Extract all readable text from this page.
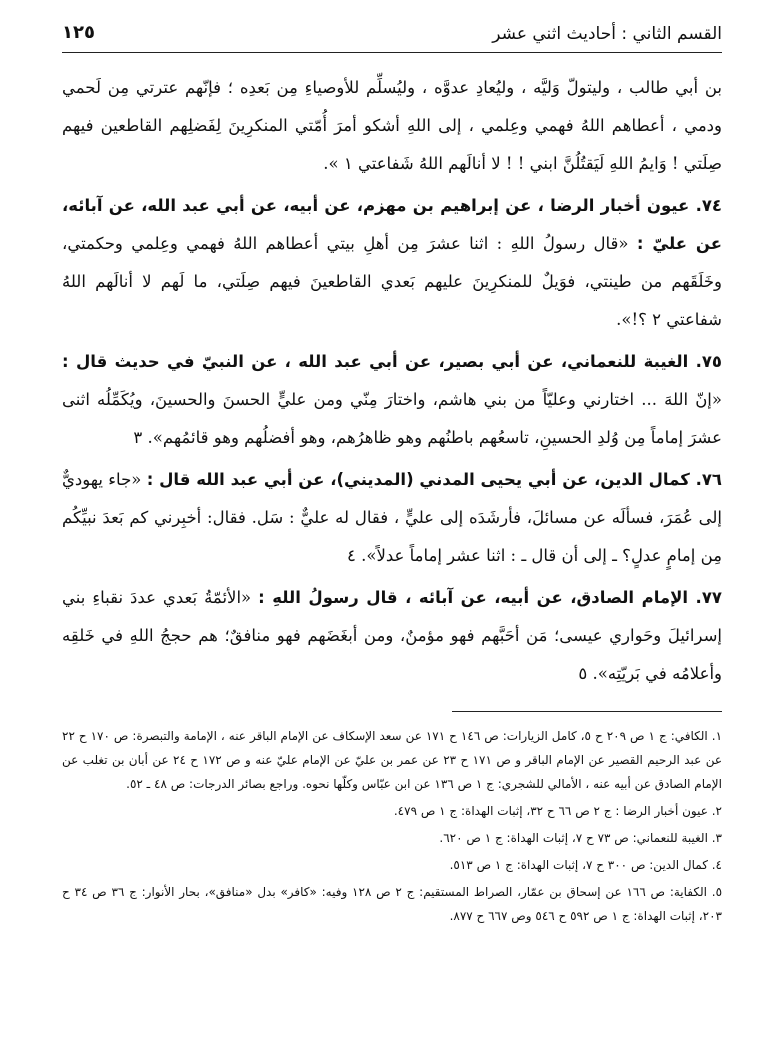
القسم الثاني : أحاديث اثني عشر
١٢٥

بن أبي طالب ، وليتولّ وَليَّه ، وليُعادِ عدوَّه ، وليُسلِّم للأوصياءِ مِن بَعدِه ؛ فإنّهم عترتي مِن لَحمي ودمي ، أعطاهم اللهُ فهمي وعِلمي ، إلى اللهِ أشكو أمرَ أُمّتي المنكرِينَ لِفَضلِهم القاطعين فيهم صِلَتي ! وَايمُ اللهِ لَيَقتُلُنَّ ابني ! ! لا أنالَهم اللهُ شَفاعتي ١ ».

٧٤. عيون أخبار الرضا ، عن إبراهيم بن مهزم، عن أبيه، عن أبي عبد الله، عن آبائه، عن عليّ : «قال رسولُ اللهِ : اثنا عشرَ مِن أهلِ بيتي أعطاهم اللهُ فهمي وعِلمي وحكمتي، وخَلَقَهم من طينتي، فوَيلٌ للمنكرِينَ عليهم بَعدي القاطعينَ فيهم صِلَتي، ما لَهم لا أنالَهم اللهُ شفاعتي ٢ ؟!».

٧٥. الغيبة للنعماني، عن أبي بصير، عن أبي عبد الله ، عن النبيّ في حديث قال : «إنّ اللهَ ... اختارني وعليّاً من بني هاشم، واختارَ مِنّي ومن عليٍّ الحسنَ والحسينَ، ويُكَمِّلُه اثنى عشرَ إماماً مِن وُلدِ الحسينِ، تاسعُهم باطنُهم وهو ظاهرُهم، وهو أفضلُهم وهو قائمُهم». ٣

٧٦. كمال الدين، عن أبي يحيى المدني (المديني)، عن أبي عبد الله قال : «جاء يهوديٌّ إلى عُمَرَ، فسألَه عن مسائلَ، فأرشَدَه إلى عليٍّ ، فقال له عليٌّ : سَل. فقال: أخبِرني كم بَعدَ نبيِّكُم مِن إمامٍ عدلٍ؟ ـ إلى أن قال ـ : اثنا عشر إماماً عدلاً». ٤

٧٧. الإمام الصادق، عن أبيه، عن آبائه ، قال رسولُ اللهِ : «الأئمّةُ بَعدي عددَ نقباءِ بني إسرائيلَ وحَواري عيسى؛ مَن أحَبَّهم فهو مؤمنٌ، ومن أبغَضَهم فهو منافقٌ؛ هم حججُ اللهِ في خَلقِه وأعلامُه في بَريّتِه». ٥

١. الكافي: ج ١ ص ٢٠٩ ح ٥، كامل الزيارات: ص ١٤٦ ح ١٧١ عن سعد الإسكاف عن الإمام الباقر عنه ، الإمامة والتبصرة: ص ١٧٠ ح ٢٢ عن عبد الرحيم القصير عن الإمام الباقر و ص ١٧١ ح ٢٣ عن عمر بن عليّ عن الإمام عليّ عنه و ص ١٧٢ ح ٢٤ عن أبان بن تغلب عن الإمام الصادق عن أبيه عنه ، الأمالي للشجري: ج ١ ص ١٣٦ عن ابن عبّاس وكلّها نحوه. وراجع بصائر الدرجات: ص ٤٨ ـ ٥٢.

٢. عيون أخبار الرضا : ج ٢ ص ٦٦ ح ٣٢، إثبات الهداة: ج ١ ص ٤٧٩.

٣. الغيبة للنعماني: ص ٧٣ ح ٧، إثبات الهداة: ج ١ ص ٦٢٠.

٤. كمال الدين: ص ٣٠٠ ح ٧، إثبات الهداة: ج ١ ص ٥١٣.

٥. الكفاية: ص ١٦٦ عن إسحاق بن عمّار، الصراط المستقيم: ج ٢ ص ١٢٨ وفيه: «كافر» بدل «منافق»، بحار الأنوار: ج ٣٦ ص ٣٤ ح ٢٠٣، إثبات الهداة: ج ١ ص ٥٩٢ ح ٥٤٦ وص ٦٦٧ ح ٨٧٧.
